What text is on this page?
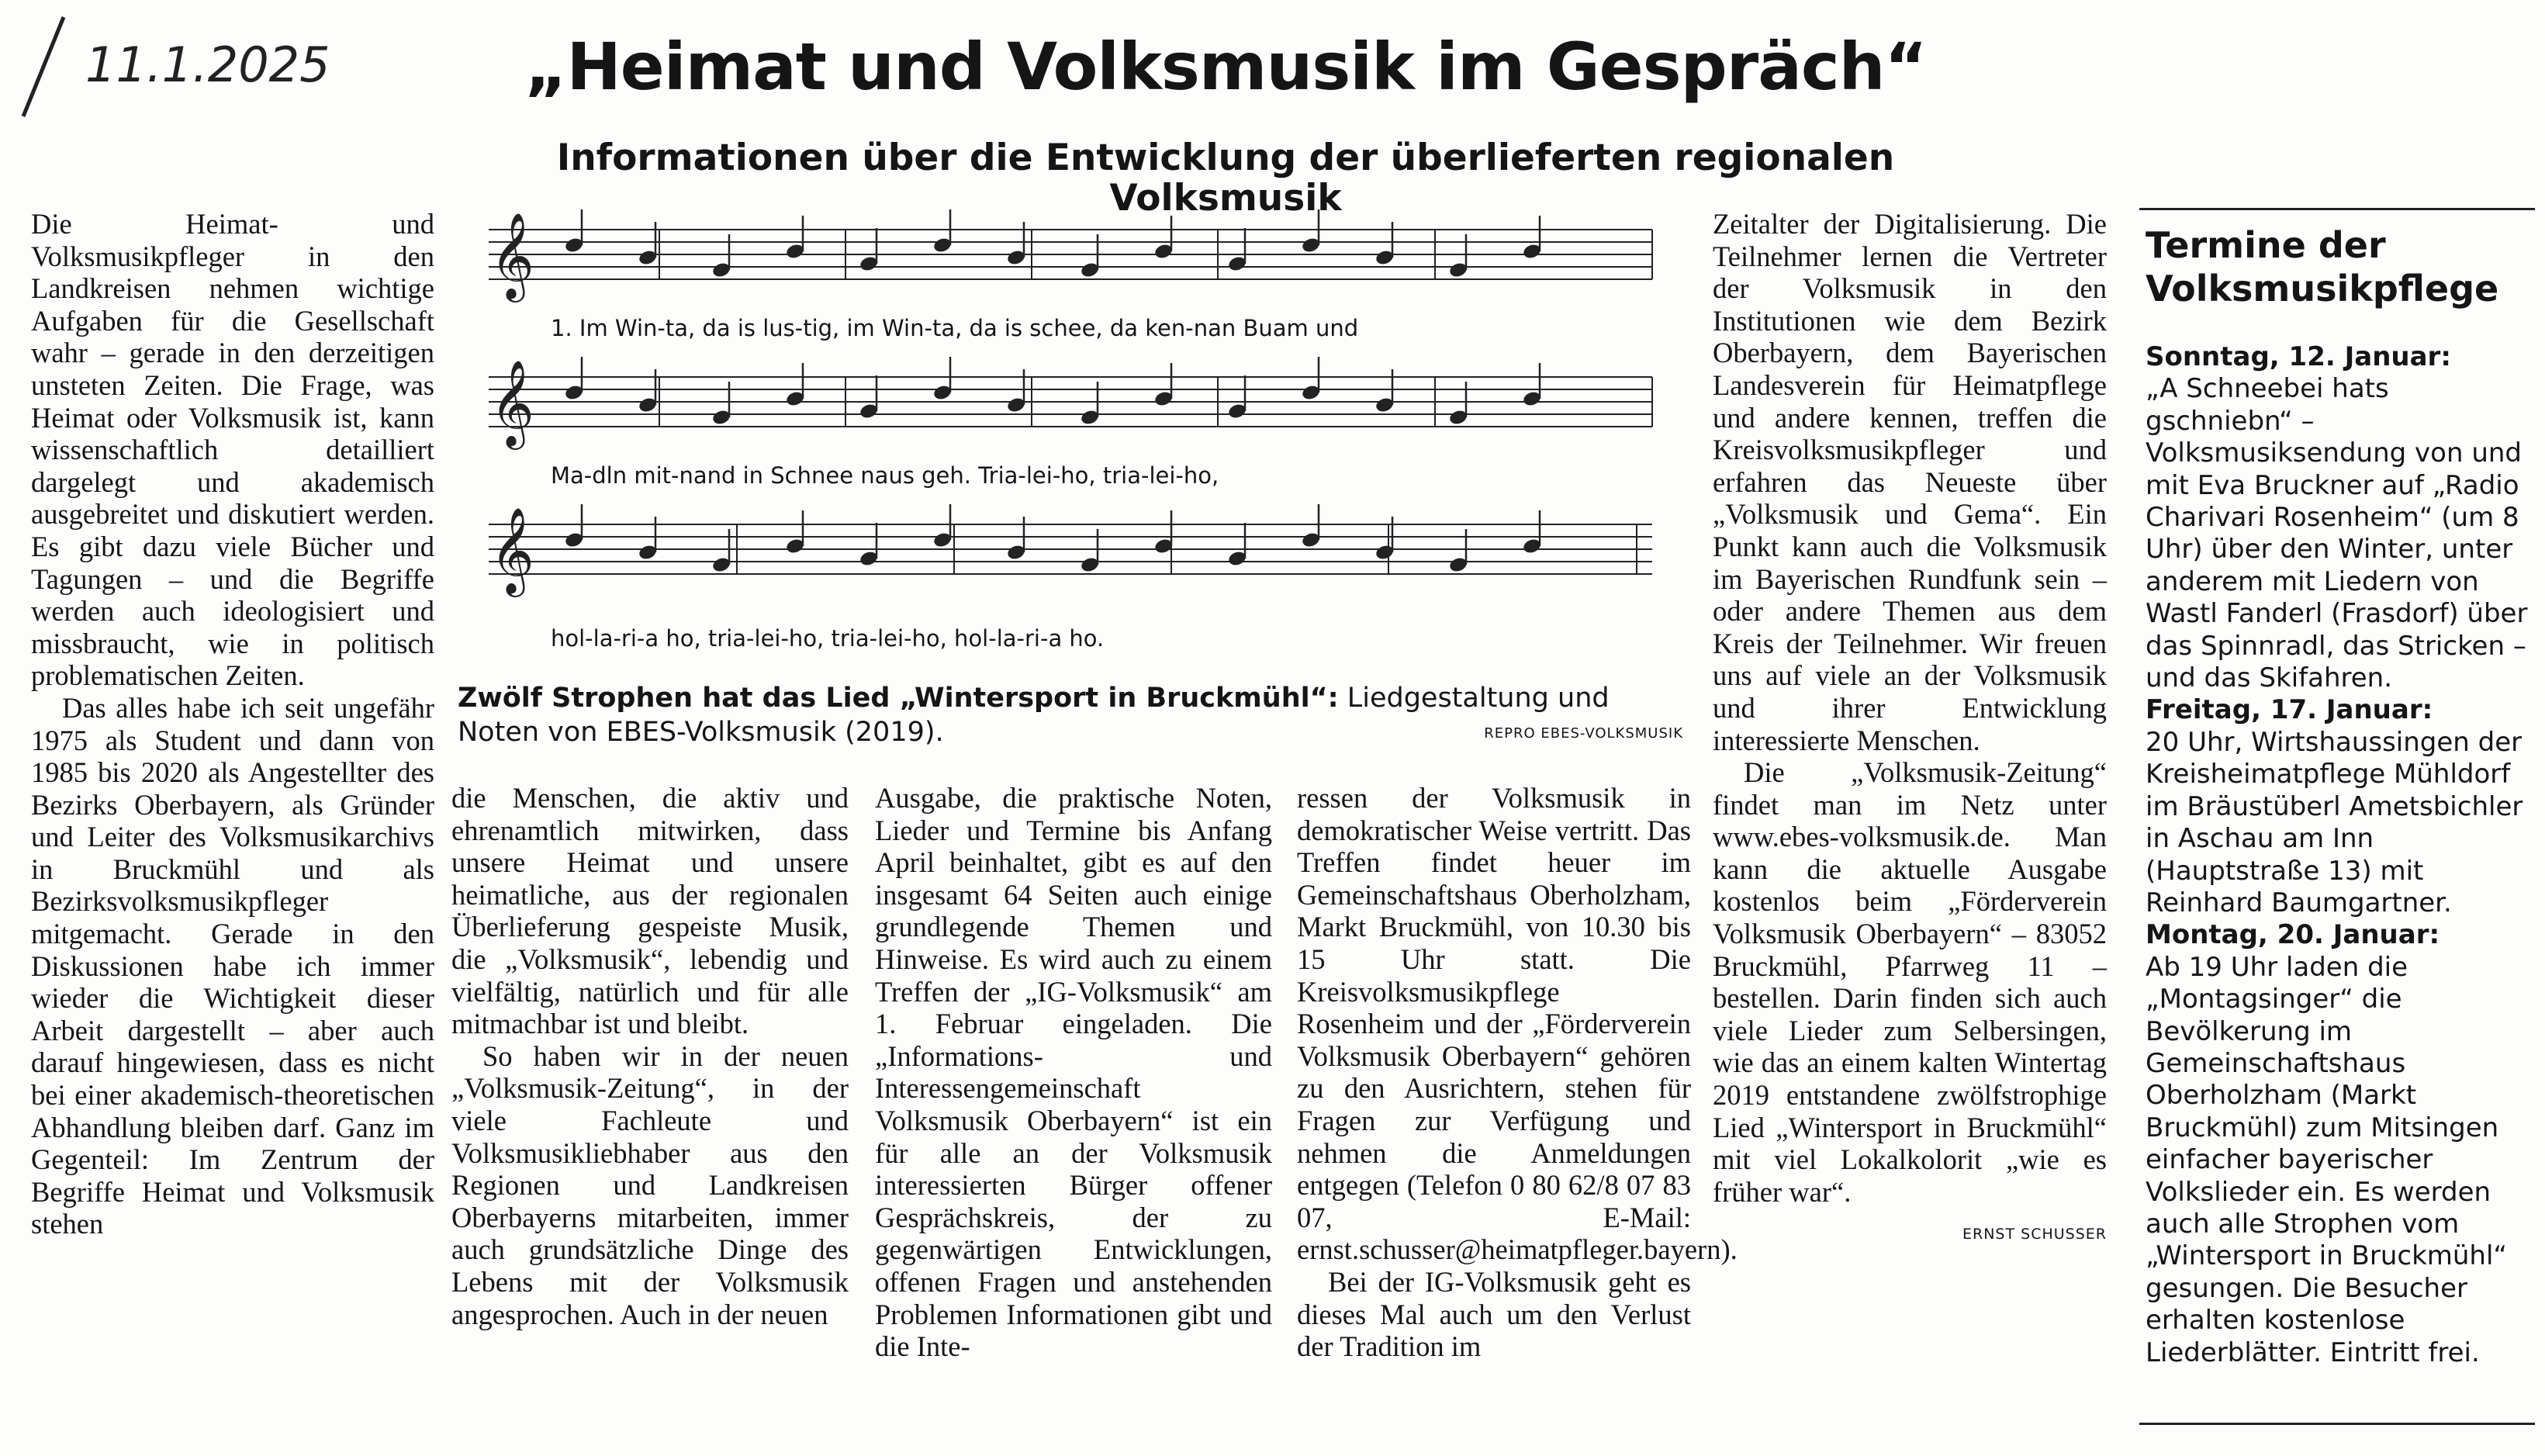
11.1.2025	„Heimat und Volksmusik im Gespräch“
Informationen über die Entwicklung der überlieferten regionalen Volksmusik

Die Heimat- und Volksmusikpfleger in den Landkreisen nehmen wichtige Aufgaben für die Gesellschaft wahr – gerade in den derzeitigen unsteten Zeiten. Die Frage, was Heimat oder Volksmusik ist, kann wissenschaftlich detailliert dargelegt und akademisch ausgebreitet und diskutiert werden. Es gibt dazu viele Bücher und Tagungen – und die Begriffe werden auch ideologisiert und missbraucht, wie in politisch problematischen Zeiten.

Das alles habe ich seit ungefähr 1975 als Student und dann von 1985 bis 2020 als Angestellter des Bezirks Oberbayern, als Gründer und Leiter des Volksmusikarchivs in Bruckmühl und als Bezirksvolksmusikpfleger mitgemacht. Gerade in den Diskussionen habe ich immer wieder die Wichtigkeit dieser Arbeit dargestellt – aber auch darauf hingewiesen, dass es nicht bei einer akademisch-theoretischen Abhandlung bleiben darf. Ganz im Gegenteil: Im Zentrum der Begriffe Heimat und Volksmusik stehen

𝄞
𝄞
𝄞
1. Im Win-ta, da is lus-tig, im Win-ta, da is schee, da ken-nan Buam und
Ma-dln mit-nand in Schnee naus geh. Tria-lei-ho, tria-lei-ho,
hol-la-ri-a ho, tria-lei-ho, tria-lei-ho, hol-la-ri-a ho.
Zwölf Strophen hat das Lied „Wintersport in Bruckmühl“: Liedgestaltung und Noten von EBES-Volksmusik (2019).	REPRO EBES-VOLKSMUSIK

die Menschen, die aktiv und ehrenamtlich mitwirken, dass unsere Heimat und unsere heimatliche, aus der regionalen Überlieferung gespeiste Musik, die „Volksmusik“, lebendig und vielfältig, natürlich und für alle mitmachbar ist und bleibt.

So haben wir in der neuen „Volksmusik-Zeitung“, in der viele Fachleute und Volksmusikliebhaber aus den Regionen und Landkreisen Oberbayerns mitarbeiten, immer auch grundsätzliche Dinge des Lebens mit der Volksmusik angesprochen. Auch in der neuen

Ausgabe, die praktische Noten, Lieder und Termine bis Anfang April beinhaltet, gibt es auf den insgesamt 64 Seiten auch einige grundlegende Themen und Hinweise. Es wird auch zu einem Treffen der „IG-Volksmusik“ am 1. Februar eingeladen. Die „Informations- und Interessengemeinschaft Volksmusik Oberbayern“ ist ein für alle an der Volksmusik interessierten Bürger offener Gesprächskreis, der zu gegenwärtigen Entwicklungen, offenen Fragen und anstehenden Problemen Informationen gibt und die Inte-

ressen der Volksmusik in demokratischer Weise vertritt. Das Treffen findet heuer im Gemeinschaftshaus Oberholzham, Markt Bruckmühl, von 10.30 bis 15 Uhr statt. Die Kreisvolksmusikpflege Rosenheim und der „Förderverein Volksmusik Oberbayern“ gehören zu den Ausrichtern, stehen für Fragen zur Verfügung und nehmen die Anmeldungen entgegen (Telefon 0 80 62/8 07 83 07, E-Mail: ernst.schusser@heimatpfleger.bayern).

Bei der IG-Volksmusik geht es dieses Mal auch um den Verlust der Tradition im

Zeitalter der Digitalisierung. Die Teilnehmer lernen die Vertreter der Volksmusik in den Institutionen wie dem Bezirk Oberbayern, dem Bayerischen Landesverein für Heimatpflege und andere kennen, treffen die Kreisvolksmusikpfleger und erfahren das Neueste über „Volksmusik und Gema“. Ein Punkt kann auch die Volksmusik im Bayerischen Rundfunk sein – oder andere Themen aus dem Kreis der Teilnehmer. Wir freuen uns auf viele an der Volksmusik und ihrer Entwicklung interessierte Menschen.

Die „Volksmusik-Zeitung“ findet man im Netz unter www.ebes-volksmusik.de. Man kann die aktuelle Ausgabe kostenlos beim „Förderverein Volksmusik Oberbayern“ – 83052 Bruckmühl, Pfarrweg 11 – bestellen. Darin finden sich auch viele Lieder zum Selbersingen, wie das an einem kalten Wintertag 2019 entstandene zwölfstrophige Lied „Wintersport in Bruckmühl“ mit viel Lokalkolorit „wie es früher war“.

ERNST SCHUSSER
Termine der Volksmusikpflege
Sonntag, 12. Januar:
„A Schneebei hats gschniebn“ – Volksmusiksendung von und mit Eva Bruckner auf „Radio Charivari Rosenheim“ (um 8 Uhr) über den Winter, unter anderem mit Liedern von Wastl Fanderl (Frasdorf) über das Spinnradl, das Stricken – und das Skifahren.
Freitag, 17. Januar:
20 Uhr, Wirtshaussingen der Kreisheimatpflege Mühldorf im Bräustüberl Ametsbichler in Aschau am Inn (Hauptstraße 13) mit Reinhard Baumgartner.
Montag, 20. Januar:
Ab 19 Uhr laden die „Montagsinger“ die Bevölkerung im Gemeinschaftshaus Oberholzham (Markt Bruckmühl) zum Mitsingen einfacher bayerischer Volkslieder ein. Es werden auch alle Strophen vom „Wintersport in Bruckmühl“ gesungen. Die Besucher erhalten kostenlose Liederblätter. Eintritt frei.
